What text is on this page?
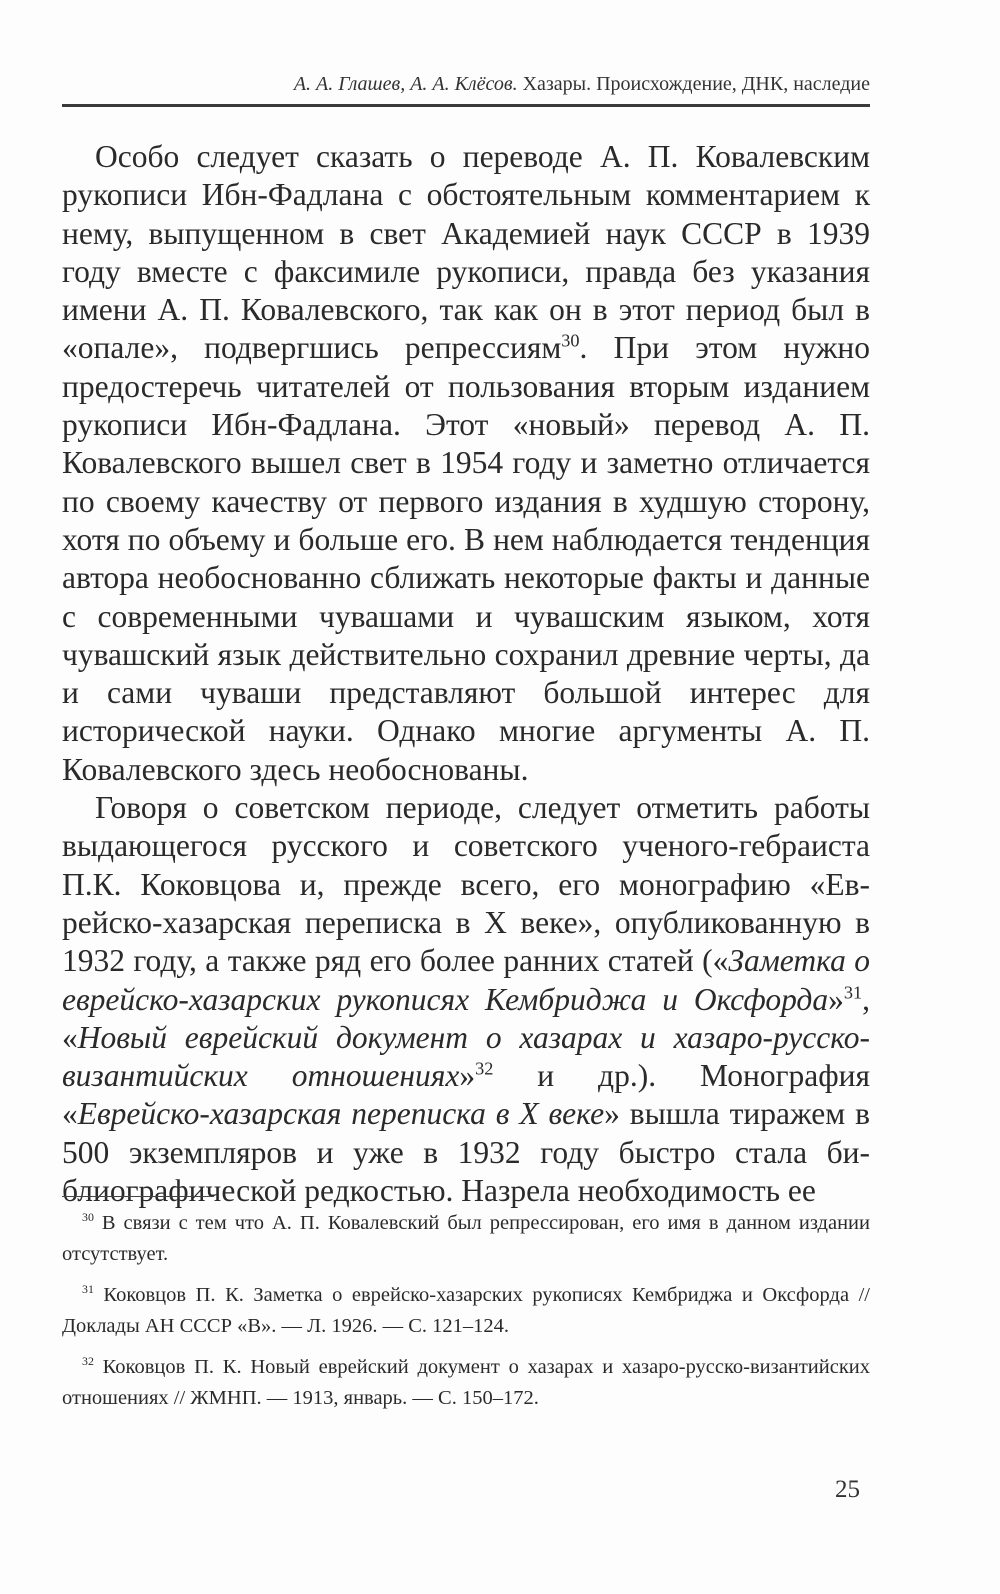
А. А. Глашев, А. А. Клёсов. Хазары. Происхождение, ДНК, наследие

Особо следует сказать о переводе А. П. Ковалевским рукописи Ибн-Фадлана с обстоятельным комментарием к нему, выпущенном в свет Академией наук СССР в 1939 году вместе с факсимиле рукописи, правда без указания имени А. П. Ковалевского, так как он в этот период был в «опале», подвергшись репрессиям$^{30}$. При этом нужно предостеречь читателей от пользования вторым изданием рукописи Ибн-Фадлана. Этот «новый» перевод А. П. Ковалевского вышел свет в 1954 году и заметно отличается по своему качеству от первого издания в худшую сторону, хотя по объему и больше его. В нем наблюдается тенденция автора необоснованно сближать некоторые факты и данные с современными чувашами и чувашским языком, хотя чувашский язык действительно сохранил древние черты, да и сами чуваши представляют большой интерес для исторической науки. Однако многие аргументы А. П. Ковалевского здесь необоснованы.

Говоря о советском периоде, следует отметить работы выдающегося русского и советского ученого-гебраиста П.К. Коковцова и, прежде всего, его монографию «Еврейско-хазарская переписка в Х веке», опубликованную в 1932 году, а также ряд его более ранних статей («Заметка о еврейско-хазарских рукописях Кембриджа и Оксфорда»$^{31}$, «Новый еврейский документ о хазарах и хазаро-русско-византийских отношениях»$^{32}$ и др.). Монография «Еврейско-хазарская переписка в Х веке» вышла тиражем в 500 экземпляров и уже в 1932 году быстро стала библиографической редкостью. Назрела необходимость ее

$^{30}$ В связи с тем что А. П. Ковалевский был репрессирован, его имя в данном издании отсутствует.

$^{31}$ Коковцов П. К. Заметка о еврейско-хазарских рукописях Кембриджа и Оксфорда // Доклады АН СССР «В». — Л. 1926. — С. 121–124.

$^{32}$ Коковцов П. К. Новый еврейский документ о хазарах и хазаро-русско-византийских отношениях // ЖМНП. — 1913, январь. — С. 150–172.

25
